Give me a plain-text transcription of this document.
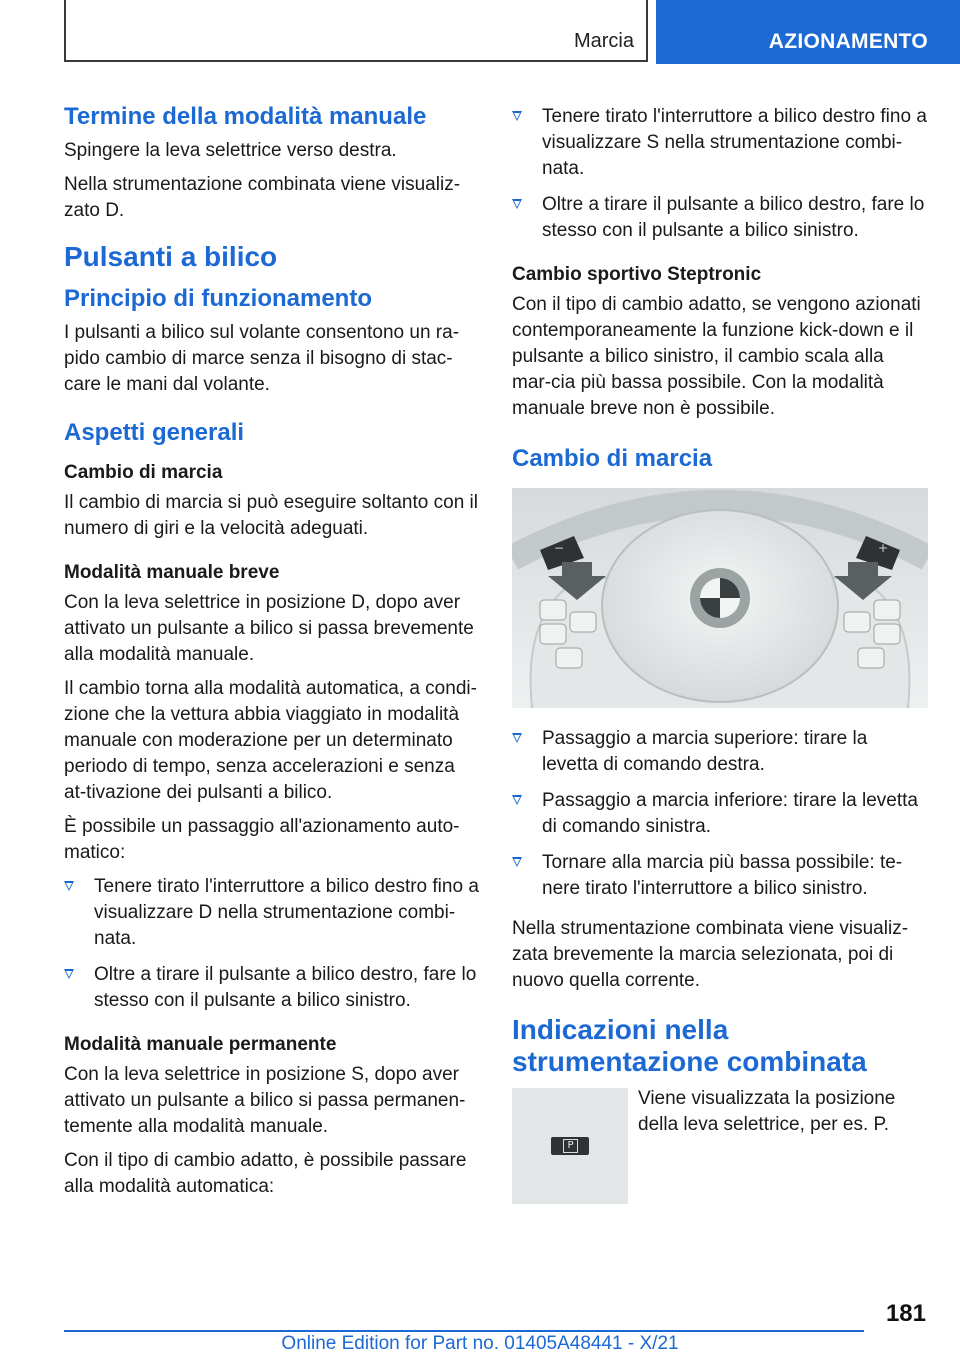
Marcia	AZIONAMENTO
Termine della modalità manuale

Spingere la leva selettrice verso destra.

Nella strumentazione combinata viene visualiz-zato D.

Pulsanti a bilico
Principio di funzionamento

I pulsanti a bilico sul volante consentono un ra-pido cambio di marce senza il bisogno di stac-care le mani dal volante.

Aspetti generali
Cambio di marcia

Il cambio di marcia si può eseguire soltanto con il numero di giri e la velocità adeguati.

Modalità manuale breve

Con la leva selettrice in posizione D, dopo aver attivato un pulsante a bilico si passa brevemente alla modalità manuale.

Il cambio torna alla modalità automatica, a condi-zione che la vettura abbia viaggiato in modalità manuale con moderazione per un determinato periodo di tempo, senza accelerazioni e senza at-tivazione dei pulsanti a bilico.

È possibile un passaggio all'azionamento auto-matico:

Tenere tirato l'interruttore a bilico destro fino a visualizzare D nella strumentazione combi-nata.
Oltre a tirare il pulsante a bilico destro, fare lo stesso con il pulsante a bilico sinistro.
Modalità manuale permanente

Con la leva selettrice in posizione S, dopo aver attivato un pulsante a bilico si passa permanen-temente alla modalità manuale.

Con il tipo di cambio adatto, è possibile passare alla modalità automatica:

Tenere tirato l'interruttore a bilico destro fino a visualizzare S nella strumentazione combi-nata.
Oltre a tirare il pulsante a bilico destro, fare lo stesso con il pulsante a bilico sinistro.
Cambio sportivo Steptronic

Con il tipo di cambio adatto, se vengono azionati contemporaneamente la funzione kick-down e il pulsante a bilico sinistro, il cambio scala alla mar-cia più bassa possibile. Con la modalità manuale breve non è possibile.

Cambio di marcia
−	+
Passaggio a marcia superiore: tirare la levetta di comando destra.
Passaggio a marcia inferiore: tirare la levetta di comando sinistra.
Tornare alla marcia più bassa possibile: te-nere tirato l'interruttore a bilico sinistro.

Nella strumentazione combinata viene visualiz-zata brevemente la marcia selezionata, poi di nuovo quella corrente.

Indicazioni nella strumentazione combinata
P

Viene visualizzata la posizione della leva selettrice, per es. P.

181
Online Edition for Part no. 01405A48441 - X/21
